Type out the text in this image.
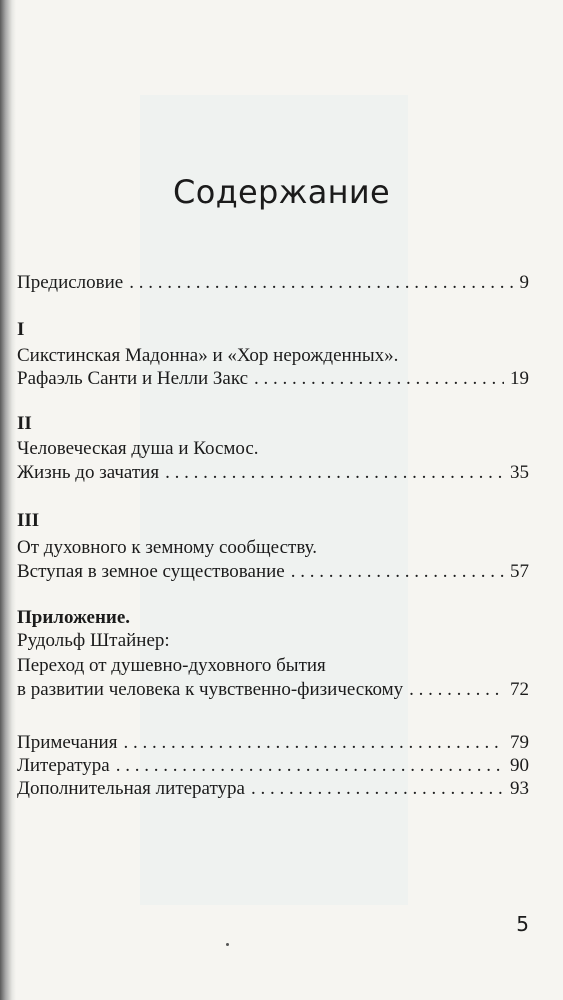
Содержание
Предисловие . . .	9
I
Сикстинская Мадонна» и «Хор нерожденных».
Рафаэль Санти и Нелли Закс . . .	19
II
Человеческая душа и Космос.
Жизнь до зачатия . . .	35
III
От духовного к земному сообществу.
Вступая в земное существование . . .	57
Приложение.
Рудольф Штайнер:
Переход от душевно-духовного бытия
в развитии человека к чувственно-физическому . . .	72
Примечания . . .	79
Литература . . .	90
Дополнительная литература . . .	93
5
